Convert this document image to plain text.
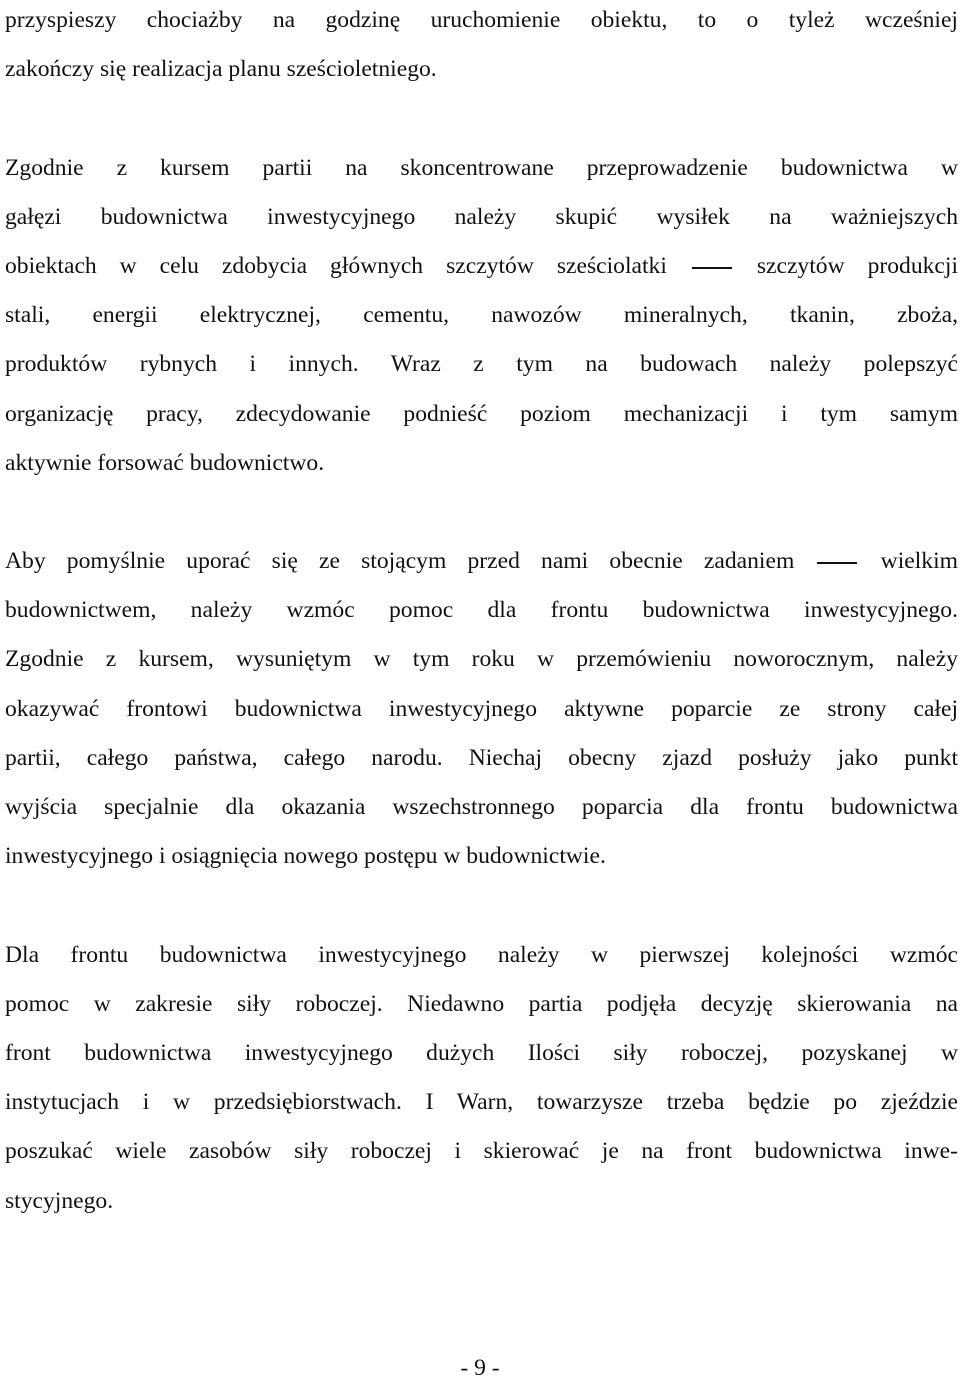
przyspieszy chociażby na godzinę uruchomienie obiektu, to o tyleż wcześniej
zakończy się realizacja planu sześcioletniego.
Zgodnie z kursem partii na skoncentrowane przeprowadzenie budownictwa w
gałęzi budownictwa inwestycyjnego należy skupić wysiłek na ważniejszych
obiektach w celu zdobycia głównych szczytów sześciolatki	szczytów produkcji
stali, energii elektrycznej, cementu, nawozów mineralnych, tkanin, zboża,
produktów rybnych i innych. Wraz z tym na budowach należy polepszyć
organizację pracy, zdecydowanie podnieść poziom mechanizacji i tym samym
aktywnie forsować budownictwo.
Aby pomyślnie uporać się ze stojącym przed nami obecnie zadaniem	wielkim
budownictwem, należy wzmóc pomoc dla frontu budownictwa inwestycyjnego.
Zgodnie z kursem, wysuniętym w tym roku w przemówieniu noworocznym, należy
okazywać frontowi budownictwa inwestycyjnego aktywne poparcie ze strony całej
partii, całego państwa, całego narodu. Niechaj obecny zjazd posłuży jako punkt
wyjścia specjalnie dla okazania wszechstronnego poparcia dla frontu budownictwa
inwestycyjnego i osiągnięcia nowego postępu w budownictwie.
Dla frontu budownictwa inwestycyjnego należy w pierwszej kolejności wzmóc
pomoc w zakresie siły roboczej. Niedawno partia podjęła decyzję skierowania na
front budownictwa inwestycyjnego dużych Ilości siły roboczej, pozyskanej w
instytucjach i w przedsiębiorstwach. I Warn, towarzysze trzeba będzie po zjeździe
poszukać wiele zasobów siły roboczej i skierować je na front budownictwa inwe-
stycyjnego.
- 9 -
